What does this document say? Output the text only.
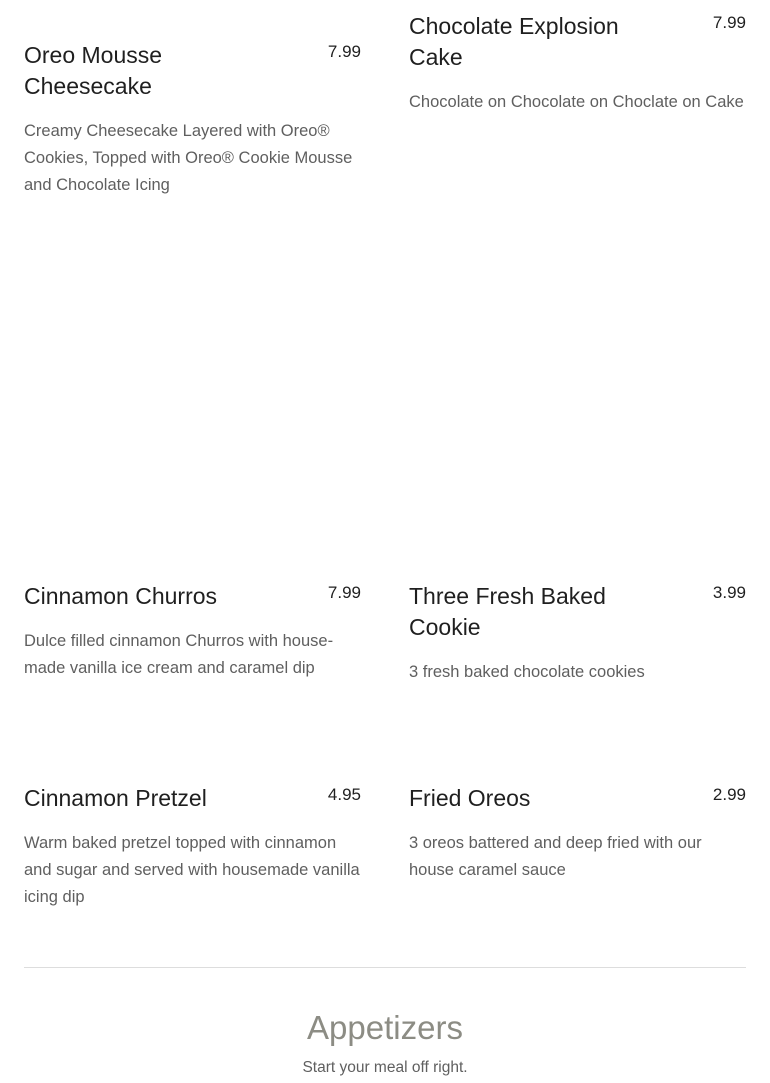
Oreo Mousse Cheesecake
7.99

Creamy Cheesecake Layered with Oreo® Cookies, Topped with Oreo® Cookie Mousse and Chocolate Icing

Chocolate Explosion Cake
7.99

Chocolate on Chocolate on Choclate on Cake

Cinnamon Churros	7.99

Dulce filled cinnamon Churros with house-made vanilla ice cream and caramel dip

Three Fresh Baked Cookie
3.99

3 fresh baked chocolate cookies

Cinnamon Pretzel	4.95

Warm baked pretzel topped with cinnamon and sugar and served with housemade vanilla icing dip

Fried Oreos	2.99

3 oreos battered and deep fried with our house caramel sauce

Appetizers

Start your meal off right.
